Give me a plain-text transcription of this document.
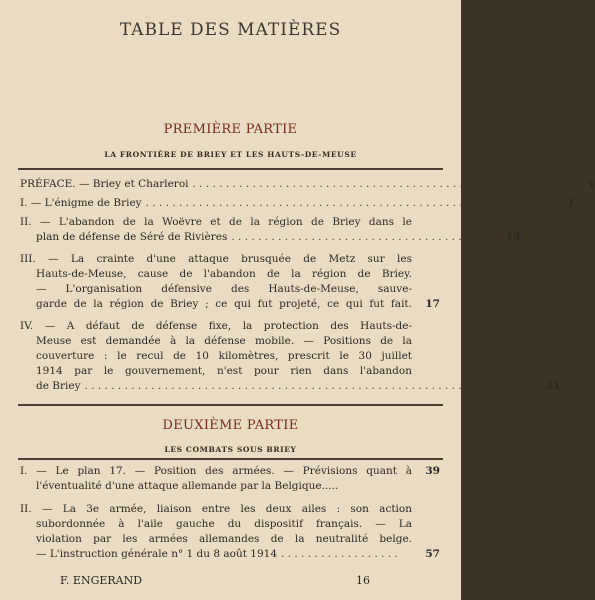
TABLE DES MATIÈRES
PREMIÈRE PARTIE
LA FRONTIÈRE DE BRIEY ET LES HAUTS-DE-MEUSE
PRÉFACE. — Briey et Charleroi . . . . . . . . . . . . . . . . . . . . . . . . . . . . . . . . . . . . . . . . . . . . . . . . . . . . . . . .	v
I. — L'énigme de Briey . . . . . . . . . . . . . . . . . . . . . . . . . . . . . . . . . . . . . . . . . . . . . . . . . . . . . . . . . . . .	1
II. — L'abandon de la Woëvre et de la région de Briey dans le
plan de défense de Séré de Rivières . . . . . . . . . . . . . . . . . . . . . . . . . . . . . . . . . . . . . . .	13
III. — La crainte d'une attaque brusquée de Metz sur les
Hauts-de-Meuse, cause de l'abandon de la région de Briey.
— L'organisation défensive des Hauts-de-Meuse, sauve-
garde de la région de Briey ; ce qui fut projeté, ce qui fut fait.	17
IV. — A défaut de défense fixe, la protection des Hauts-de-
Meuse est demandée à la défense mobile. — Positions de la
couverture : le recul de 10 kilomètres, prescrit le 30 juillet
1914 par le gouvernement, n'est pour rien dans l'abandon
de Briey . . . . . . . . . . . . . . . . . . . . . . . . . . . . . . . . . . . . . . . . . . . . . . . . . . . . . . . . . . . . . . . . . . .	31
DEUXIÈME PARTIE
LES COMBATS SOUS BRIEY
I. — Le plan 17. — Position des armées. — Prévisions quant à	39
l'éventualité d'une attaque allemande par la Belgique.....
II. — La 3e armée, liaison entre les deux ailes : son action
subordonnée à l'aile gauche du dispositif français. — La
violation par les armées allemandes de la neutralité belge.
— L'instruction générale n° 1 du 8 août 1914 . . . . . . . . . . . . . . . . . .	57
F. ENGERAND	16
